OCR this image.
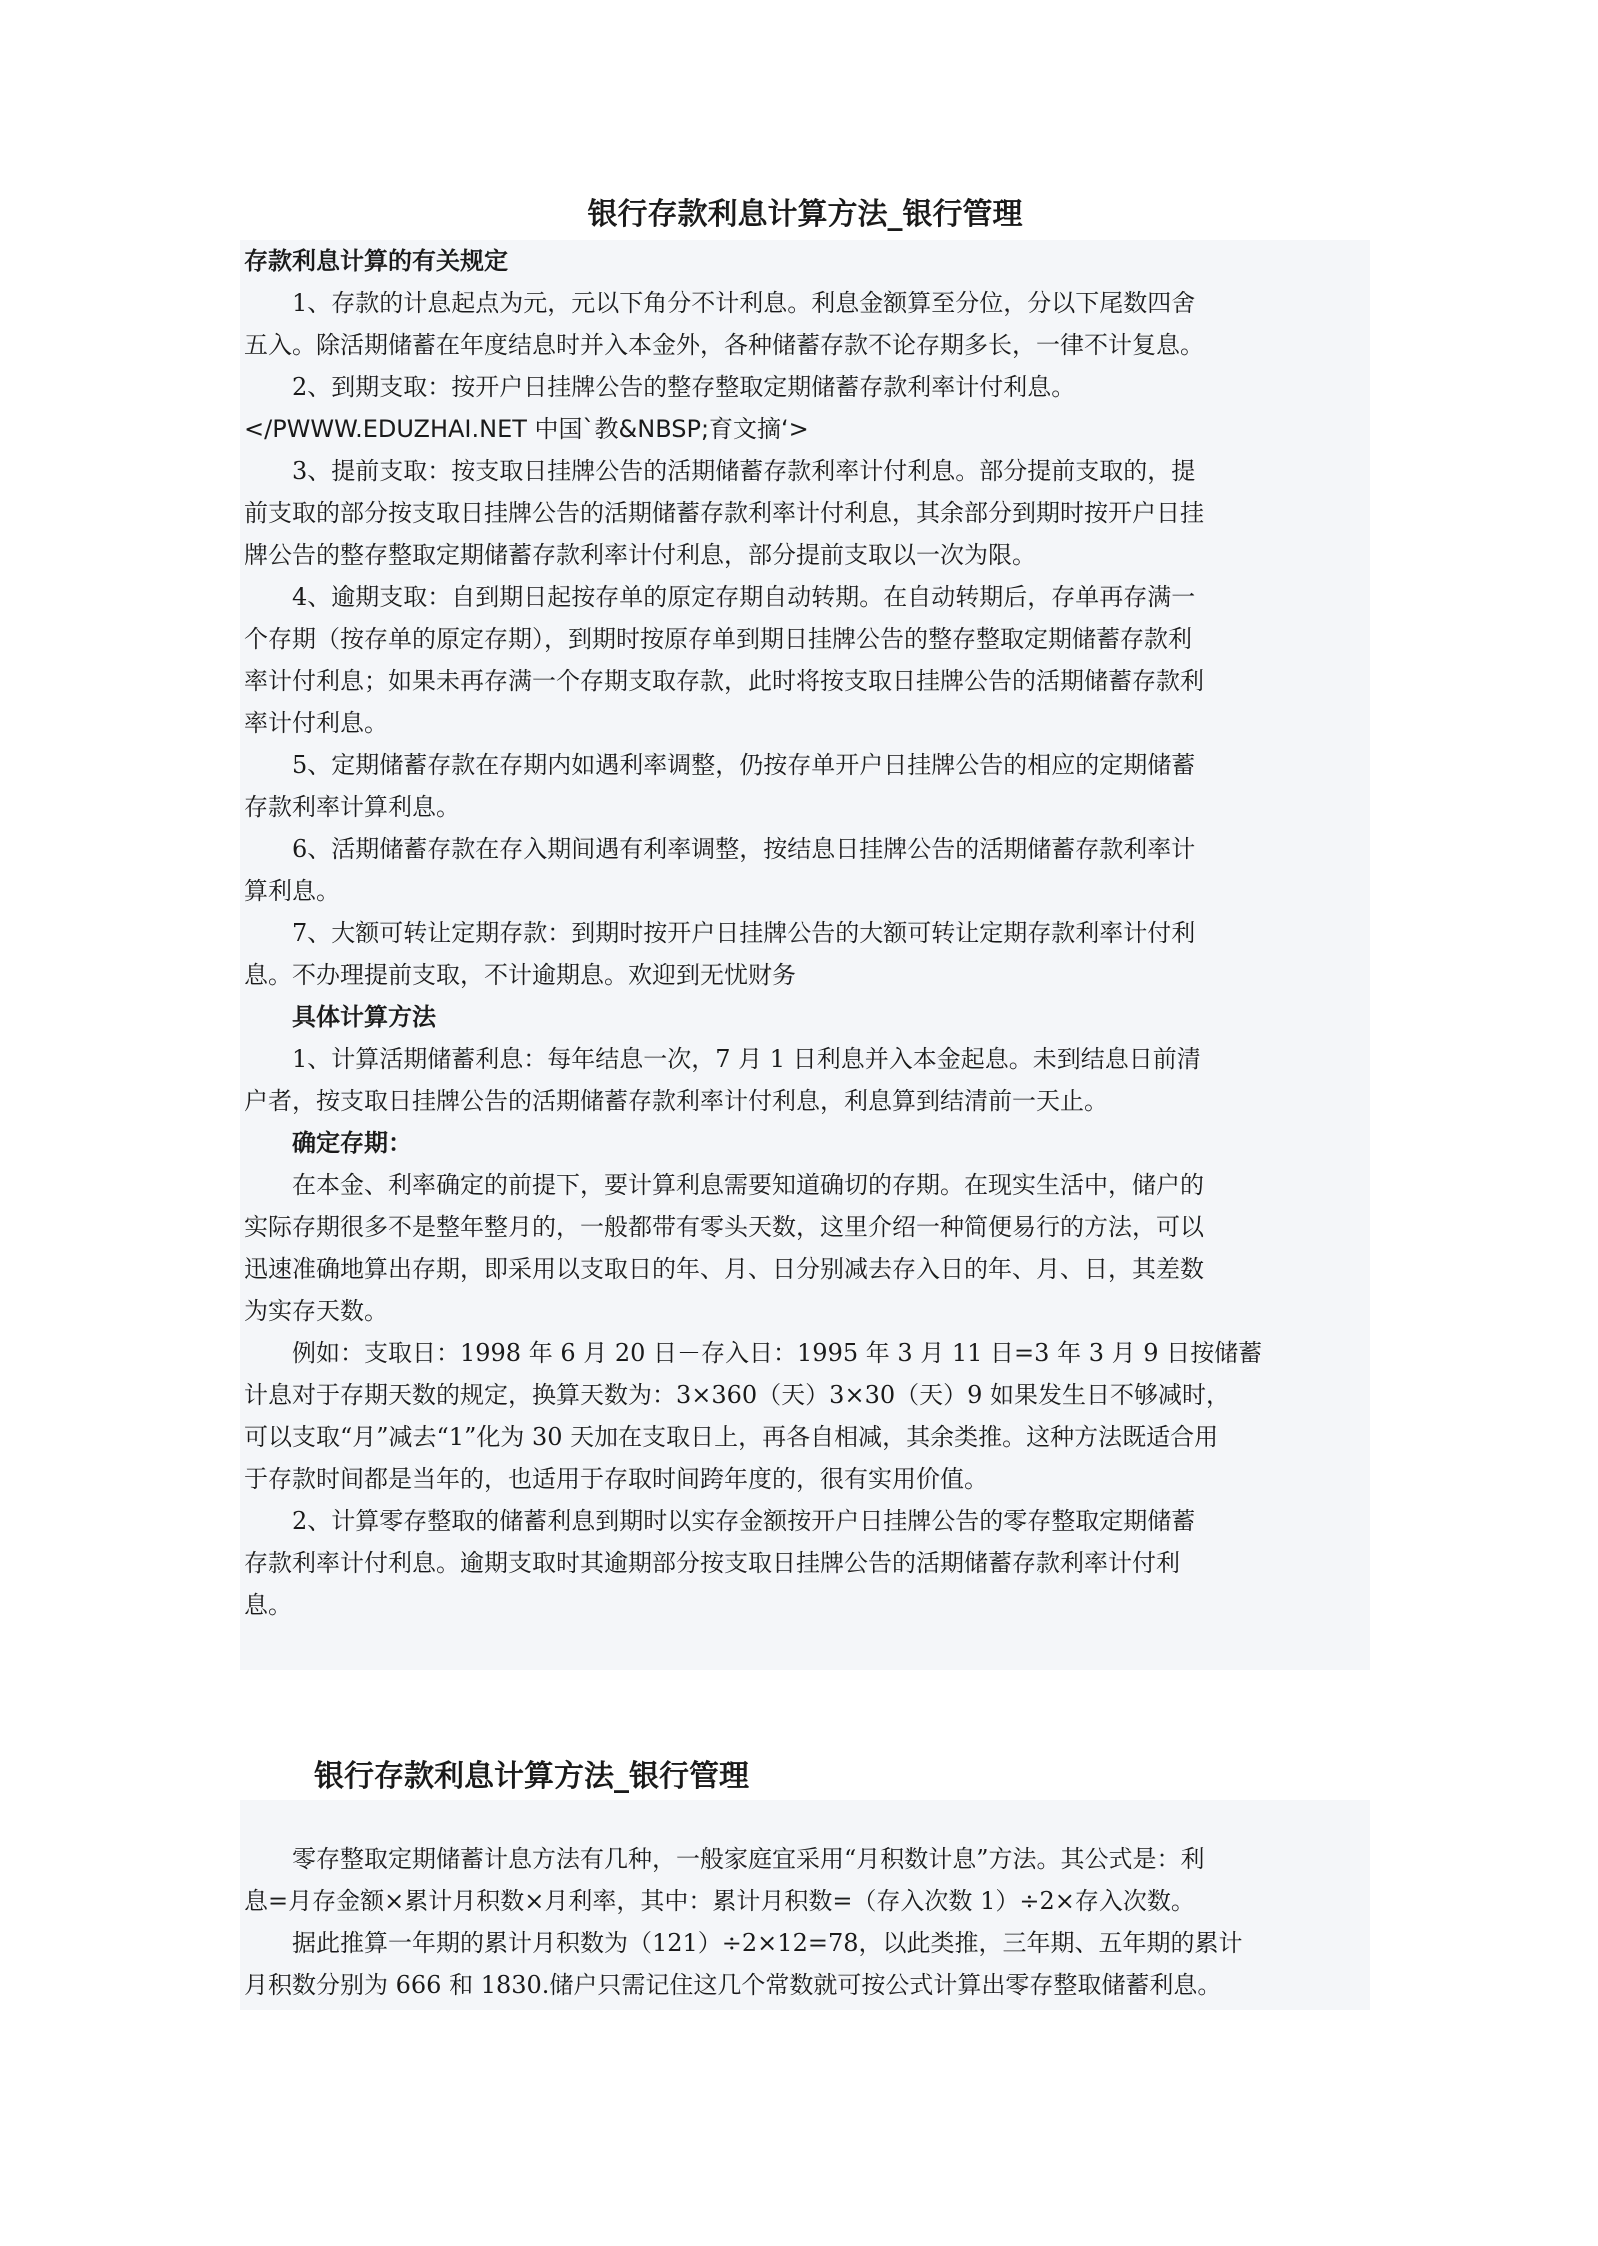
银行存款利息计算方法_银行管理

存款利息计算的有关规定

　　1、存款的计息起点为元，元以下角分不计利息。利息金额算至分位，分以下尾数四舍

五入。除活期储蓄在年度结息时并入本金外，各种储蓄存款不论存期多长，一律不计复息。

　　2、到期支取：按开户日挂牌公告的整存整取定期储蓄存款利率计付利息。

</PWWW.EDUZHAI.NET 中国`教&NBSP;育文摘‘>

　　3、提前支取：按支取日挂牌公告的活期储蓄存款利率计付利息。部分提前支取的，提

前支取的部分按支取日挂牌公告的活期储蓄存款利率计付利息，其余部分到期时按开户日挂

牌公告的整存整取定期储蓄存款利率计付利息，部分提前支取以一次为限。

　　4、逾期支取：自到期日起按存单的原定存期自动转期。在自动转期后，存单再存满一

个存期（按存单的原定存期），到期时按原存单到期日挂牌公告的整存整取定期储蓄存款利

率计付利息；如果未再存满一个存期支取存款，此时将按支取日挂牌公告的活期储蓄存款利

率计付利息。

　　5、定期储蓄存款在存期内如遇利率调整，仍按存单开户日挂牌公告的相应的定期储蓄

存款利率计算利息。

　　6、活期储蓄存款在存入期间遇有利率调整，按结息日挂牌公告的活期储蓄存款利率计

算利息。

　　7、大额可转让定期存款：到期时按开户日挂牌公告的大额可转让定期存款利率计付利

息。不办理提前支取，不计逾期息。欢迎到无忧财务

　　具体计算方法

　　1、计算活期储蓄利息：每年结息一次，7 月 1 日利息并入本金起息。未到结息日前清

户者，按支取日挂牌公告的活期储蓄存款利率计付利息，利息算到结清前一天止。

　　确定存期：

　　在本金、利率确定的前提下，要计算利息需要知道确切的存期。在现实生活中，储户的

实际存期很多不是整年整月的，一般都带有零头天数，这里介绍一种简便易行的方法，可以

迅速准确地算出存期，即采用以支取日的年、月、日分别减去存入日的年、月、日，其差数

为实存天数。

　　例如：支取日：1998 年 6 月 20 日－存入日：1995 年 3 月 11 日=3 年 3 月 9 日按储蓄

计息对于存期天数的规定，换算天数为：3×360（天）3×30（天）9 如果发生日不够减时，

可以支取“月”减去“1”化为 30 天加在支取日上，再各自相减，其余类推。这种方法既适合用

于存款时间都是当年的，也适用于存取时间跨年度的，很有实用价值。

　　2、计算零存整取的储蓄利息到期时以实存金额按开户日挂牌公告的零存整取定期储蓄

存款利率计付利息。逾期支取时其逾期部分按支取日挂牌公告的活期储蓄存款利率计付利

息。

银行存款利息计算方法_银行管理

　　零存整取定期储蓄计息方法有几种，一般家庭宜采用“月积数计息”方法。其公式是：利

息=月存金额×累计月积数×月利率，其中：累计月积数=（存入次数 1）÷2×存入次数。

　　据此推算一年期的累计月积数为（121）÷2×12=78，以此类推，三年期、五年期的累计

月积数分别为 666 和 1830.储户只需记住这几个常数就可按公式计算出零存整取储蓄利息。
